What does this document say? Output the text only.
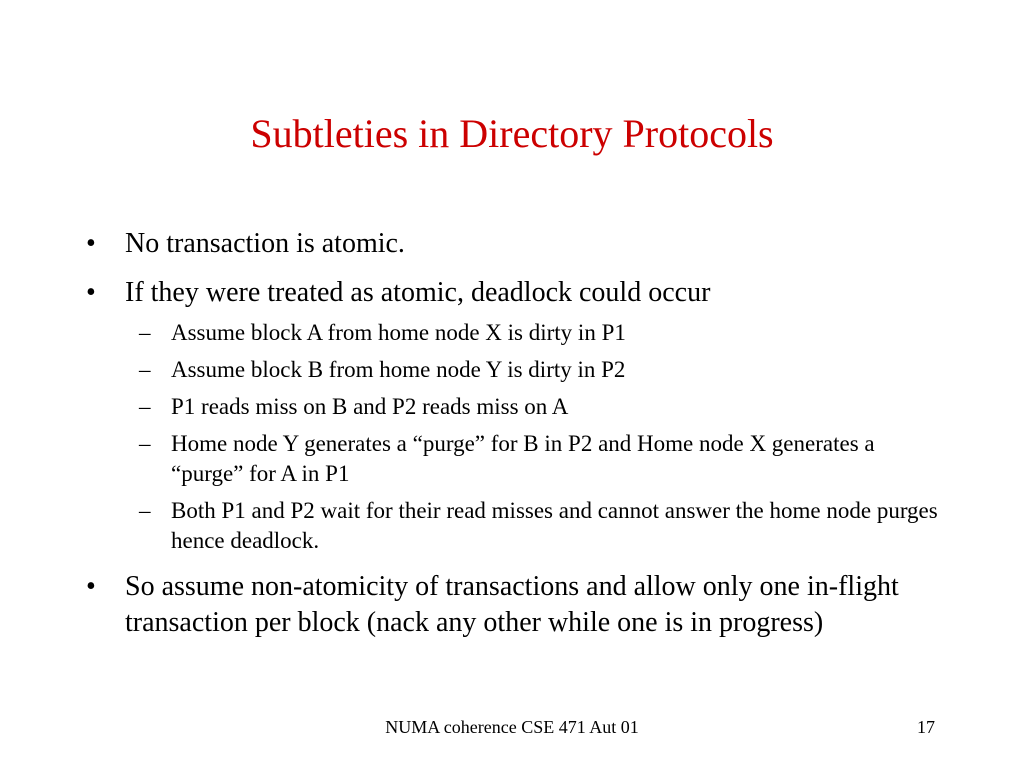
Subtleties in Directory Protocols
• No transaction is atomic.
• If they were treated as atomic, deadlock could occur
– Assume block A from home node X is dirty in P1
– Assume block B from home node Y is dirty in P2
– P1 reads miss on B and P2 reads miss on A
– Home node Y generates a “purge” for B in P2 and Home node X generates a “purge” for A in P1
– Both P1 and P2 wait for their read misses and cannot answer the home node purges hence deadlock.
• So assume non-atomicity of transactions and allow only one in-flight transaction per block (nack any other while one is in progress)
NUMA coherence CSE 471 Aut 01	17
